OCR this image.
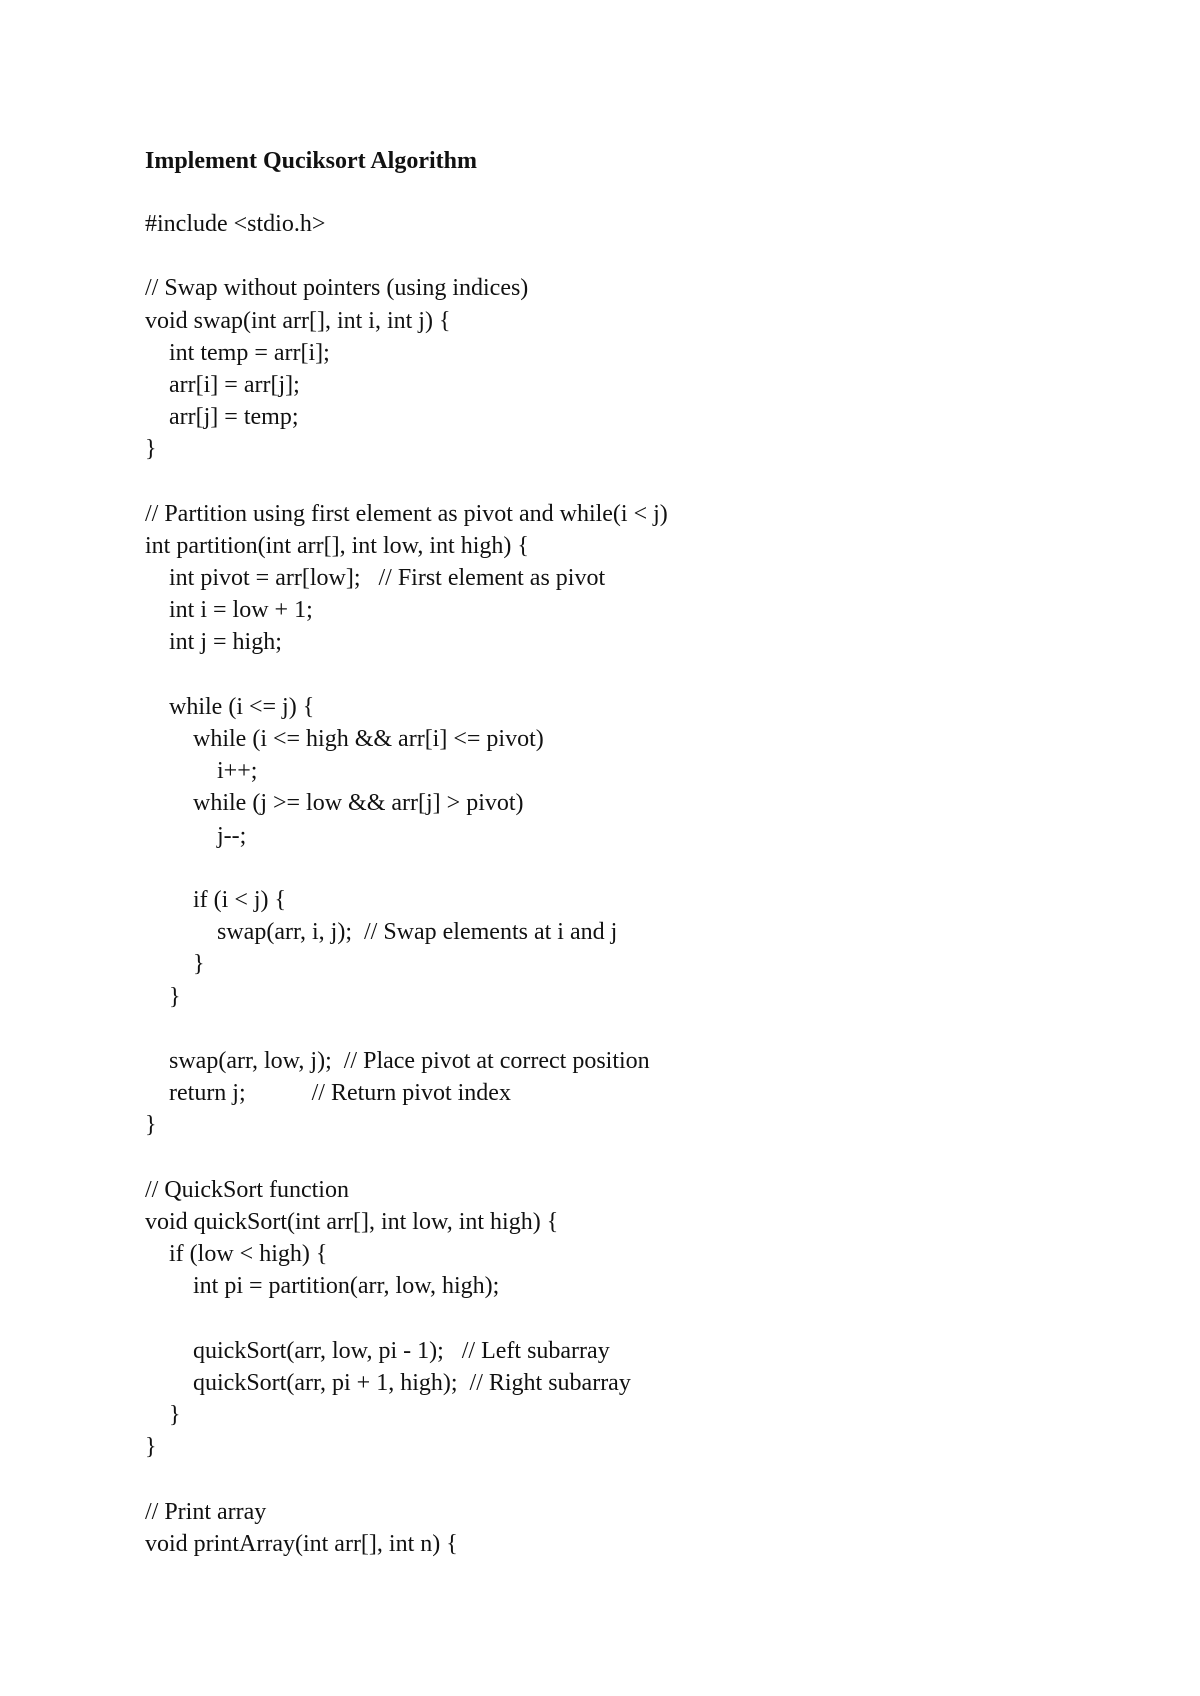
Implement Quciksort Algorithm
#include <stdio.h>
// Swap without pointers (using indices)
void swap(int arr[], int i, int j) {
int temp = arr[i];
arr[i] = arr[j];
arr[j] = temp;
}
// Partition using first element as pivot and while(i < j)
int partition(int arr[], int low, int high) {
int pivot = arr[low];   // First element as pivot
int i = low + 1;
int j = high;
while (i <= j) {
while (i <= high && arr[i] <= pivot)
i++;
while (j >= low && arr[j] > pivot)
j--;
if (i < j) {
swap(arr, i, j);  // Swap elements at i and j
}
}
swap(arr, low, j);  // Place pivot at correct position
return j;           // Return pivot index
}
// QuickSort function
void quickSort(int arr[], int low, int high) {
if (low < high) {
int pi = partition(arr, low, high);
quickSort(arr, low, pi - 1);   // Left subarray
quickSort(arr, pi + 1, high);  // Right subarray
}
}
// Print array
void printArray(int arr[], int n) {
